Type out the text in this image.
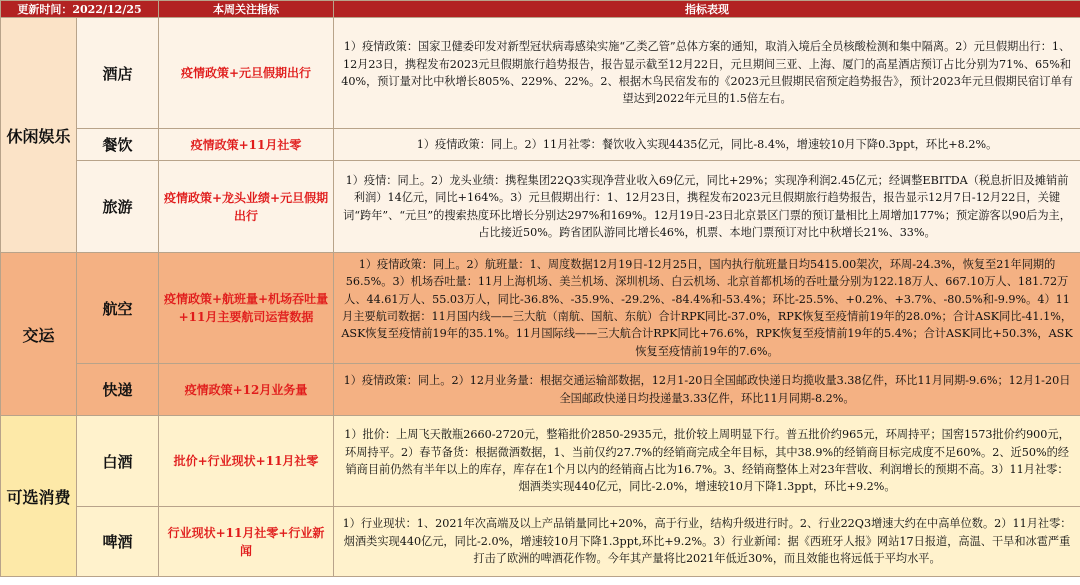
更新时间：2022/12/25		本周关注指标	指标表现
休闲娱乐	酒店	疫情政策+元旦假期出行	1）疫情政策：国家卫健委印发对新型冠状病毒感染实施“乙类乙管”总体方案的通知，取消入境后全员核酸检测和集中隔离。2）元旦假期出行：1、12月23日，携程发布2023元旦假期旅行趋势报告，报告显示截至12月22日，元旦期间三亚、上海、厦门的高星酒店预订占比分别为71%、65%和40%，预订量对比中秋增长805%、229%、22%。2、根据木鸟民宿发布的《2023元旦假期民宿预定趋势报告》，预计2023年元旦假期民宿订单有望达到2022年元旦的1.5倍左右。
	餐饮	疫情政策+11月社零	1）疫情政策：同上。2）11月社零：餐饮收入实现4435亿元，同比-8.4%，增速较10月下降0.3ppt，环比+8.2%。
	旅游	疫情政策+龙头业绩+元旦假期出行	1）疫情：同上。2）龙头业绩：携程集团22Q3实现净营业收入69亿元，同比+29%；实现净利润2.45亿元；经调整EBITDA（税息折旧及摊销前利润）14亿元，同比+164%。3）元旦假期出行：1、12月23日，携程发布2023元旦假期旅行趋势报告，报告显示12月7日-12月22日，关键词“跨年”、“元旦”的搜索热度环比增长分别达297%和169%。12月19日-23日北京景区门票的预订量相比上周增加177%；预定游客以90后为主，占比接近50%。跨省团队游同比增长46%，机票、本地门票预订对比中秋增长21%、33%。
交运	航空	疫情政策+航班量+机场吞吐量+11月主要航司运营数据	1）疫情政策：同上。2）航班量：1、周度数据12月19日-12月25日，国内执行航班量日均5415.00架次，环周-24.3%，恢复至21年同期的56.5%。3）机场吞吐量：11月上海机场、美兰机场、深圳机场、白云机场、北京首都机场的吞吐量分别为122.18万人、667.10万人、181.72万人、44.61万人、55.03万人，同比-36.8%、-35.9%、-29.2%、-84.4%和-53.4%；环比-25.5%、+0.2%、+3.7%、-80.5%和-9.9%。4）11月主要航司数据：11月国内线——三大航（南航、国航、东航）合计RPK同比-37.0%，RPK恢复至疫情前19年的28.0%；合计ASK同比-41.1%，ASK恢复至疫情前19年的35.1%。11月国际线——三大航合计RPK同比+76.6%，RPK恢复至疫情前19年的5.4%；合计ASK同比+50.3%，ASK恢复至疫情前19年的7.6%。
	快递	疫情政策+12月业务量	1）疫情政策：同上。2）12月业务量：根据交通运输部数据，12月1-20日全国邮政快递日均揽收量3.38亿件，环比11月同期-9.6%；12月1-20日全国邮政快递日均投递量3.33亿件，环比11月同期-8.2%。
可选消费	白酒	批价+行业现状+11月社零	1）批价：上周飞天散瓶2660-2720元，整箱批价2850-2935元，批价较上周明显下行。普五批价约965元，环周持平；国窖1573批价约900元，环周持平。2）春节备货：根据微酒数据，1、当前仅约27.7%的经销商完成全年目标，其中38.9%的经销商目标完成度不足60%。2、近50%的经销商目前仍然有半年以上的库存，库存在1个月以内的经销商占比为16.7%。3、经销商整体上对23年营收、利润增长的预期不高。3）11月社零：烟酒类实现440亿元，同比-2.0%，增速较10月下降1.3ppt，环比+9.2%。
	啤酒	行业现状+11月社零+行业新闻	1）行业现状：1、2021年次高端及以上产品销量同比+20%，高于行业，结构升级进行时。2、行业22Q3增速大约在中高单位数。2）11月社零：烟酒类实现440亿元，同比-2.0%，增速较10月下降1.3ppt,环比+9.2%。3）行业新闻：据《西班牙人报》网站17日报道，高温、干旱和冰雹严重打击了欧洲的啤酒花作物。今年其产量将比2021年低近30%，而且效能也将远低于平均水平。
